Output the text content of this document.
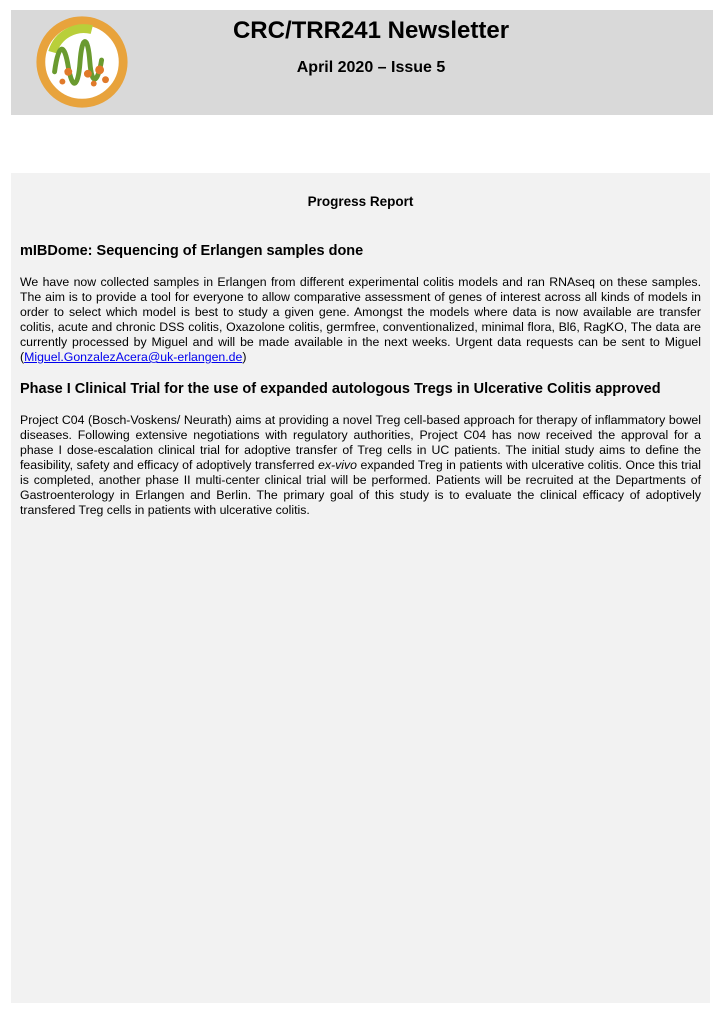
CRC/TRR241 Newsletter
April 2020 – Issue 5
Progress Report
mIBDome: Sequencing of Erlangen samples done

We have now collected samples in Erlangen from different experimental colitis models and ran RNAseq on these samples. The aim is to provide a tool for everyone to allow comparative assessment of genes of interest across all kinds of models in order to select which model is best to study a given gene. Amongst the models where data is now available are transfer colitis, acute and chronic DSS colitis, Oxazolone colitis, germfree, conventionalized, minimal flora, Bl6, RagKO, The data are currently processed by Miguel and will be made available in the next weeks. Urgent data requests can be sent to Miguel (Miguel.GonzalezAcera@uk-erlangen.de)

Phase I Clinical Trial for the use of expanded autologous Tregs in Ulcerative Colitis approved

Project C04 (Bosch-Voskens/ Neurath) aims at providing a novel Treg cell-based approach for therapy of inflammatory bowel diseases. Following extensive negotiations with regulatory authorities, Project C04 has now received the approval for a phase I dose-escalation clinical trial for adoptive transfer of Treg cells in UC patients. The initial study aims to define the feasibility, safety and efficacy of adoptively transferred ex-vivo expanded Treg in patients with ulcerative colitis. Once this trial is completed, another phase II multi-center clinical trial will be performed. Patients will be recruited at the Departments of Gastroenterology in Erlangen and Berlin. The primary goal of this study is to evaluate the clinical efficacy of adoptively transfered Treg cells in patients with ulcerative colitis.
